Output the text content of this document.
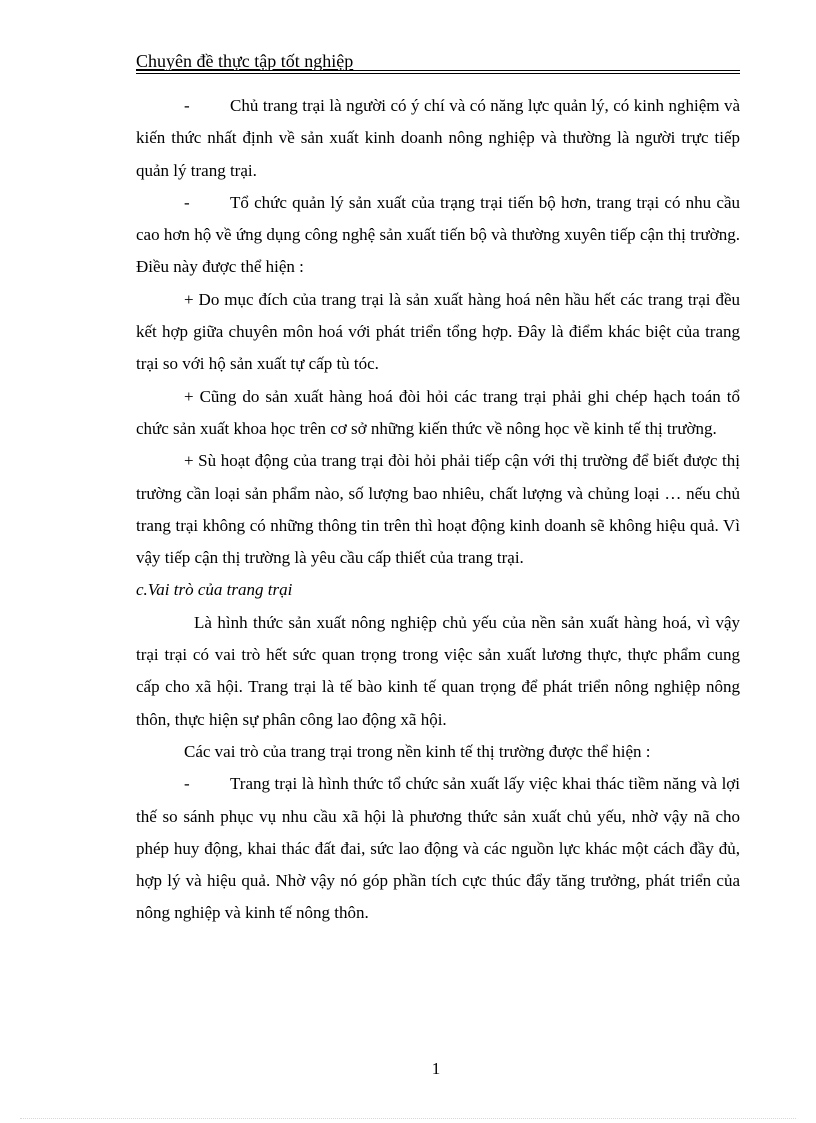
Chuyên đề thực tập tốt nghiệp

- Chủ trang trại là người có ý chí và có năng lực quản lý, có kinh nghiệm và kiến thức nhất định về sản xuất kinh doanh nông nghiệp và thường là người trực tiếp quản lý trang trại.

- Tổ chức quản lý sản xuất của trạng trại tiến bộ hơn, trang trại có nhu cầu cao hơn hộ về ứng dụng công nghệ sản xuất tiến bộ và thường xuyên tiếp cận thị trường. Điều này được thể hiện :

+ Do mục đích của trang trại là sản xuất hàng hoá nên hầu hết các trang trại đều kết hợp giữa chuyên môn hoá với phát triển tổng hợp. Đây là điểm khác biệt của trang trại so với hộ sản xuất tự cấp tù tóc.

+ Cũng do sản xuất hàng hoá đòi hỏi các trang trại phải ghi chép hạch toán tổ chức sản xuất khoa học trên cơ sở những kiến thức về nông học về kinh tế thị trường.

+ Sù hoạt động của trang trại đòi hỏi phải tiếp cận với thị trường để biết được thị trường cần loại sản phẩm nào, số lượng bao nhiêu, chất lượng và chủng loại … nếu chủ trang trại không có những thông tin trên thì hoạt động kinh doanh sẽ không hiệu quả. Vì vậy tiếp cận thị trường là yêu cầu cấp thiết của trang trại.

c.Vai trò của trang trại

Là hình thức sản xuất nông nghiệp chủ yếu của nền sản xuất hàng hoá, vì vậy trại trại có vai trò hết sức quan trọng trong việc sản xuất lương thực, thực phẩm cung cấp cho xã hội. Trang trại là tế bào kinh tế quan trọng để phát triển nông nghiệp nông thôn, thực hiện sự phân công lao động xã hội.

Các vai trò của trang trại trong nền kinh tế thị trường được thể hiện :

- Trang trại là hình thức tổ chức sản xuất lấy việc khai thác tiềm năng và lợi thế so sánh phục vụ nhu cầu xã hội là phương thức sản xuất chủ yếu, nhờ vậy nã cho phép huy động, khai thác đất đai, sức lao động và các nguồn lực khác một cách đầy đủ, hợp lý và hiệu quả. Nhờ vậy nó góp phần tích cực thúc đẩy tăng trưởng, phát triển của nông nghiệp và kinh tế nông thôn.

1
